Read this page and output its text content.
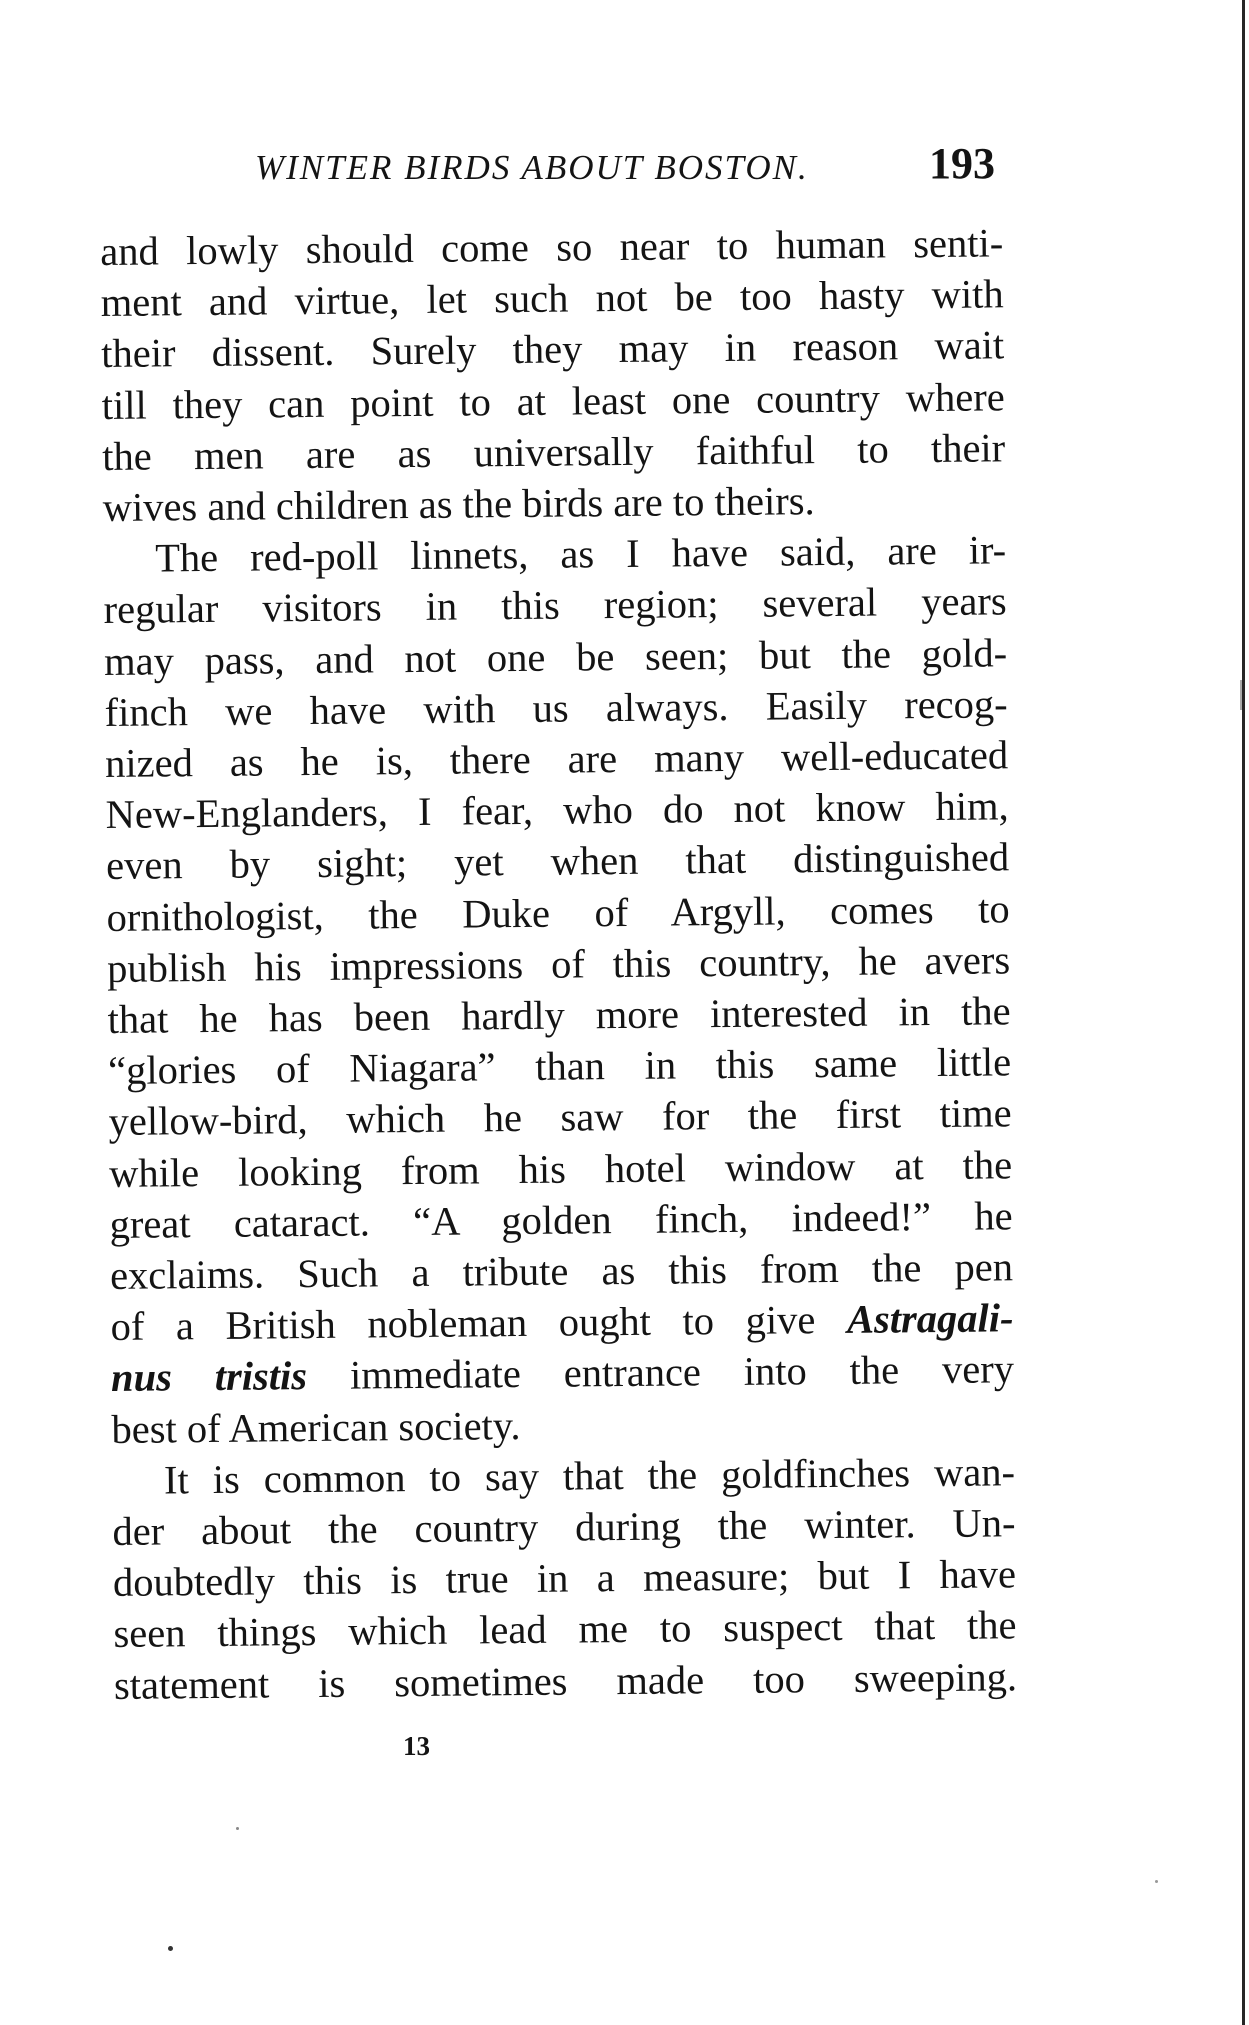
WINTER BIRDS ABOUT BOSTON.	193

and lowly should come so near to human senti-
ment and virtue, let such not be too hasty with
their dissent. Surely they may in reason wait
till they can point to at least one country where
the men are as universally faithful to their
wives and children as the birds are to theirs.

The red-poll linnets, as I have said, are ir-
regular visitors in this region; several years
may pass, and not one be seen; but the gold-
finch we have with us always. Easily recog-
nized as he is, there are many well-educated
New-Englanders, I fear, who do not know him,
even by sight; yet when that distinguished
ornithologist, the Duke of Argyll, comes to
publish his impressions of this country, he avers
that he has been hardly more interested in the
“glories of Niagara” than in this same little
yellow-bird, which he saw for the first time
while looking from his hotel window at the
great cataract. “A golden finch, indeed!” he
exclaims. Such a tribute as this from the pen
of a British nobleman ought to give Astragali-
nus tristis immediate entrance into the very
best of American society.

It is common to say that the goldfinches wan-
der about the country during the winter. Un-
doubtedly this is true in a measure; but I have
seen things which lead me to suspect that the
statement is sometimes made too sweeping.

13
